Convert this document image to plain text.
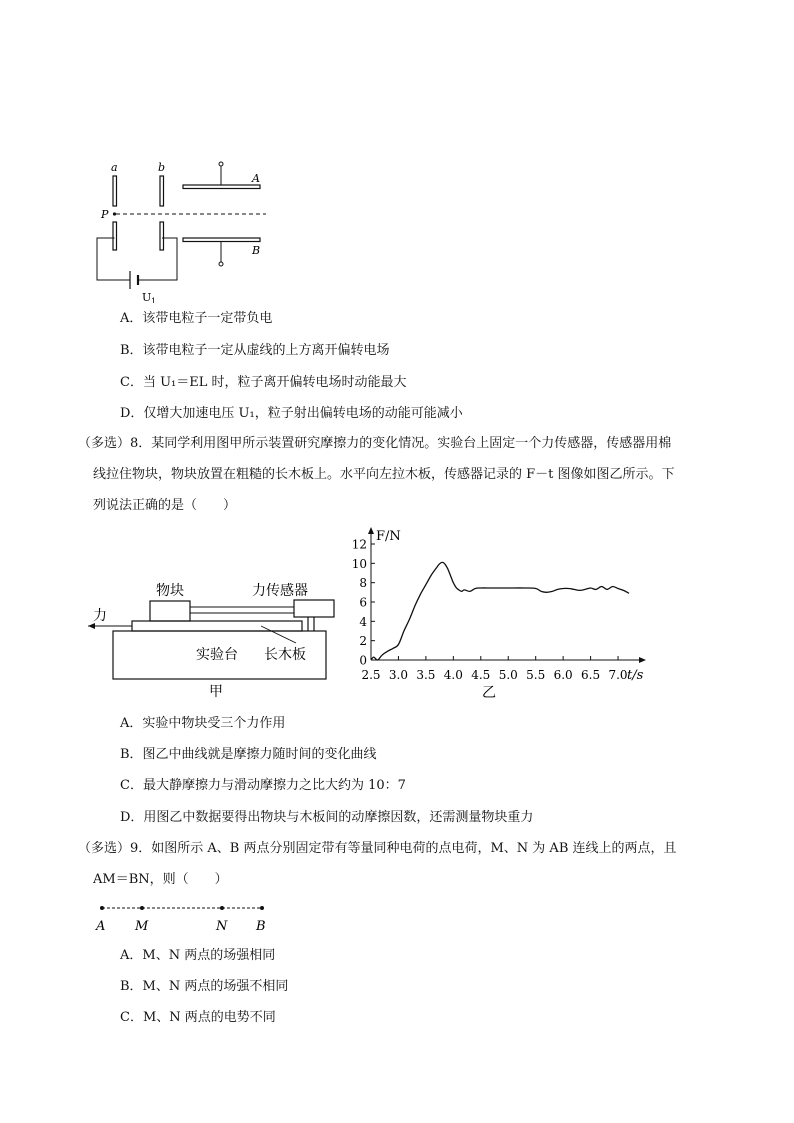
a	b
A
B
P
U 1
A．该带电粒子一定带负电
B．该带电粒子一定从虚线的上方离开偏转电场
C．当 U₁＝EL 时，粒子离开偏转电场时动能最大
D．仅增大加速电压 U₁，粒子射出偏转电场的动能可能减小
（多选）8．某同学利用图甲所示装置研究摩擦力的变化情况。实验台上固定一个力传感器，传感器用棉
线拉住物块，物块放置在粗糙的长木板上。水平向左拉木板，传感器记录的 F－t 图像如图乙所示。下
列说法正确的是（　　）
物块	力传感器
力
实验台 长木板
甲
0
2
4
6
8
10
12
2.5 3.0 3.5 4.0 4.5 5.0 5.5 6.0 6.5 7.0
F/N
t/s
乙
A．实验中物块受三个力作用
B．图乙中曲线就是摩擦力随时间的变化曲线
C．最大静摩擦力与滑动摩擦力之比大约为 10：7
D．用图乙中数据要得出物块与木板间的动摩擦因数，还需测量物块重力
（多选）9．如图所示 A、B 两点分别固定带有等量同种电荷的点电荷，M、N 为 AB 连线上的两点，且
AM＝BN，则（　　）
A M	N B
A．M、N 两点的场强相同
B．M、N 两点的场强不相同
C．M、N 两点的电势不同
